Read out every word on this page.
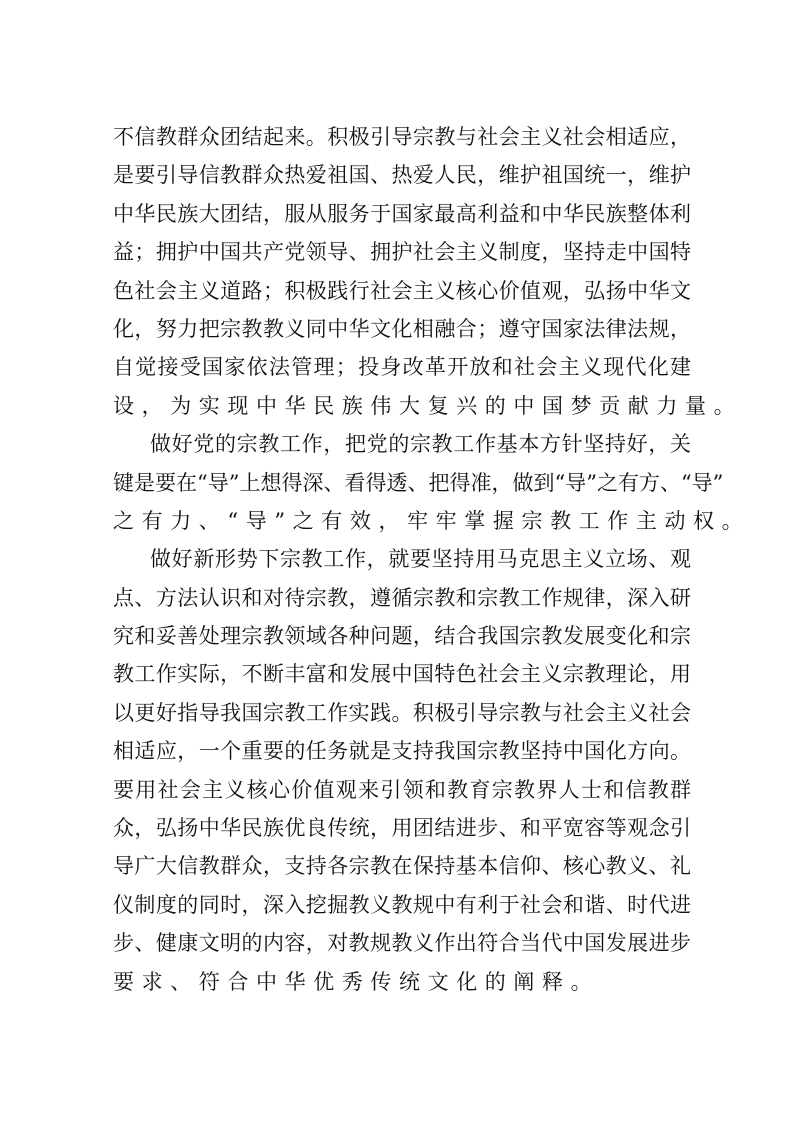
不信教群众团结起来。积极引导宗教与社会主义社会相适应，
是要引导信教群众热爱祖国、热爱人民，维护祖国统一，维护
中华民族大团结，服从服务于国家最高利益和中华民族整体利
益；拥护中国共产党领导、拥护社会主义制度，坚持走中国特
色社会主义道路；积极践行社会主义核心价值观，弘扬中华文
化，努力把宗教教义同中华文化相融合；遵守国家法律法规，
自觉接受国家依法管理；投身改革开放和社会主义现代化建
设，为实现中华民族伟大复兴的中国梦贡献力量。
做好党的宗教工作，把党的宗教工作基本方针坚持好，关
键是要在“导”上想得深、看得透、把得准，做到“导”之有方、“导”
之有力、“导”之有效，牢牢掌握宗教工作主动权。
做好新形势下宗教工作，就要坚持用马克思主义立场、观
点、方法认识和对待宗教，遵循宗教和宗教工作规律，深入研
究和妥善处理宗教领域各种问题，结合我国宗教发展变化和宗
教工作实际，不断丰富和发展中国特色社会主义宗教理论，用
以更好指导我国宗教工作实践。积极引导宗教与社会主义社会
相适应，一个重要的任务就是支持我国宗教坚持中国化方向。
要用社会主义核心价值观来引领和教育宗教界人士和信教群
众，弘扬中华民族优良传统，用团结进步、和平宽容等观念引
导广大信教群众，支持各宗教在保持基本信仰、核心教义、礼
仪制度的同时，深入挖掘教义教规中有利于社会和谐、时代进
步、健康文明的内容，对教规教义作出符合当代中国发展进步
要求、符合中华优秀传统文化的阐释。
